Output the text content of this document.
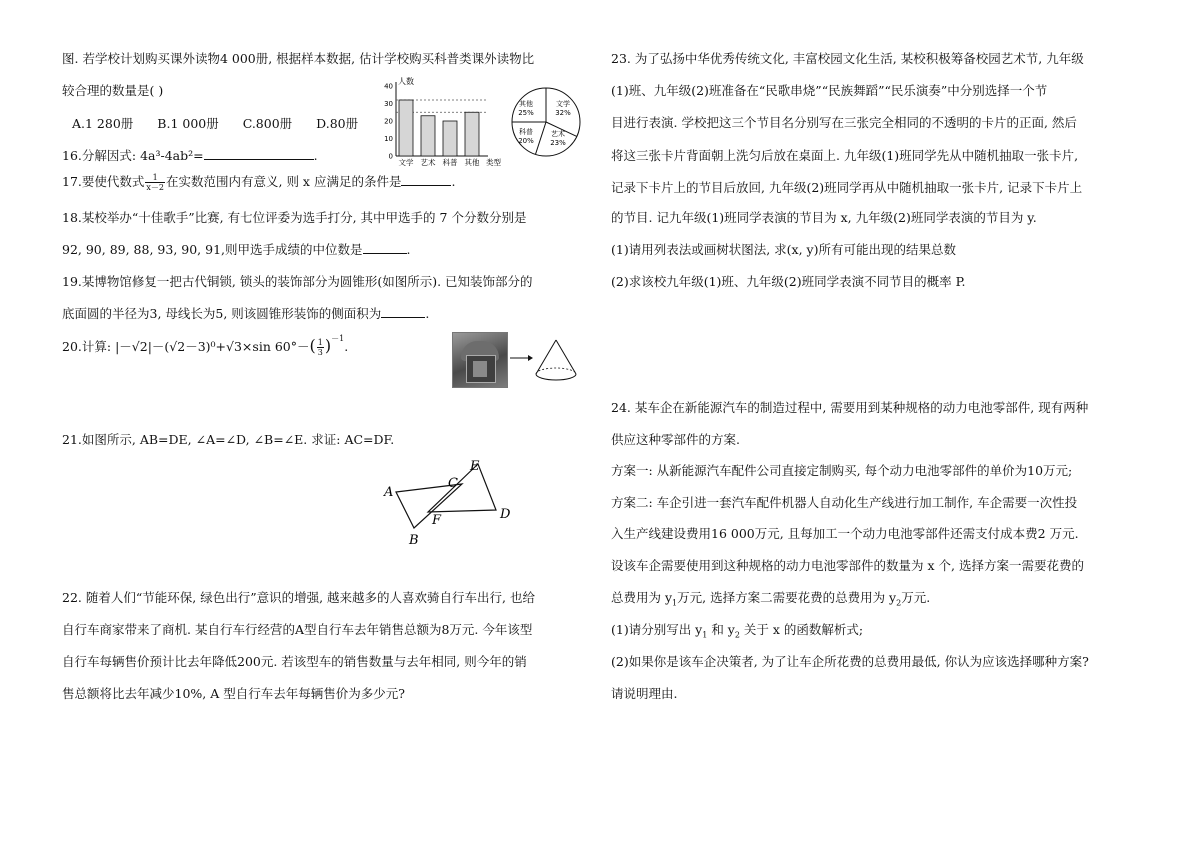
图. 若学校计划购买课外读物4 000册, 根据样本数据, 估计学校购买科普类课外读物比
较合理的数量是( )
A.1 280册 B.1 000册 C.800册 D.80册
16.分解因式: 4a³-4ab²=	.
17.要使代数式 $\frac{1}{x-2}$ 在实数范围内有意义, 则 x 应满足的条件是	.
18.某校举办“十佳歌手”比赛, 有七位评委为选手打分, 其中甲选手的 7 个分数分别是
92, 90, 89, 88, 93, 90, 91,则甲选手成绩的中位数是	.
19.某博物馆修复一把古代铜锁, 锁头的装饰部分为圆锥形(如图所示). 已知装饰部分的
底面圆的半径为3, 母线长为5, 则该圆锥形装饰的侧面积为	.
20.计算: |－√2|－(√2－3)⁰+√3×sin $60^\circ-( \frac{1}{3} )^{-1}$.
21.如图所示, AB=DE, ∠A=∠D, ∠B=∠E. 求证: AC=DF.
22. 随着人们“节能环保, 绿色出行”意识的增强, 越来越多的人喜欢骑自行车出行, 也给
自行车商家带来了商机. 某自行车行经营的A型自行车去年销售总额为8万元. 今年该型
自行车每辆售价预计比去年降低200元. 若该型车的销售数量与去年相同, 则今年的销
售总额将比去年减少10%, A 型自行车去年每辆售价为多少元?
人数
0
10
20
30
40
文学 艺术 科普 其他 类型
其他
25%
文学
32%
科普
20%
艺术
23%
A
B
C
D
E
F
23. 为了弘扬中华优秀传统文化, 丰富校园文化生活, 某校积极筹备校园艺术节, 九年级
(1)班、九年级(2)班准备在“民歌串烧”“民族舞蹈”“民乐演奏”中分别选择一个节
目进行表演. 学校把这三个节目名分别写在三张完全相同的不透明的卡片的正面, 然后
将这三张卡片背面朝上洗匀后放在桌面上. 九年级(1)班同学先从中随机抽取一张卡片,
记录下卡片上的节目后放回, 九年级(2)班同学再从中随机抽取一张卡片, 记录下卡片上
的节目. 记九年级(1)班同学表演的节目为 x, 九年级(2)班同学表演的节目为 y.
(1)请用列表法或画树状图法, 求(x, y)所有可能出现的结果总数
(2)求该校九年级(1)班、九年级(2)班同学表演不同节目的概率 P.
24. 某车企在新能源汽车的制造过程中, 需要用到某种规格的动力电池零部件, 现有两种
供应这种零部件的方案.
方案一: 从新能源汽车配件公司直接定制购买, 每个动力电池零部件的单价为10万元;
方案二: 车企引进一套汽车配件机器人自动化生产线进行加工制作, 车企需要一次性投
入生产线建设费用16 000万元, 且每加工一个动力电池零部件还需支付成本费2 万元.
设该车企需要使用到这种规格的动力电池零部件的数量为 x 个, 选择方案一需要花费的
总费用为 $y_1$万元, 选择方案二需要花费的总费用为 $y_2$万元.
(1)请分别写出 $y_1$ 和 $y_2$ 关于 x 的函数解析式;
(2)如果你是该车企决策者, 为了让车企所花费的总费用最低, 你认为应该选择哪种方案?
请说明理由.
